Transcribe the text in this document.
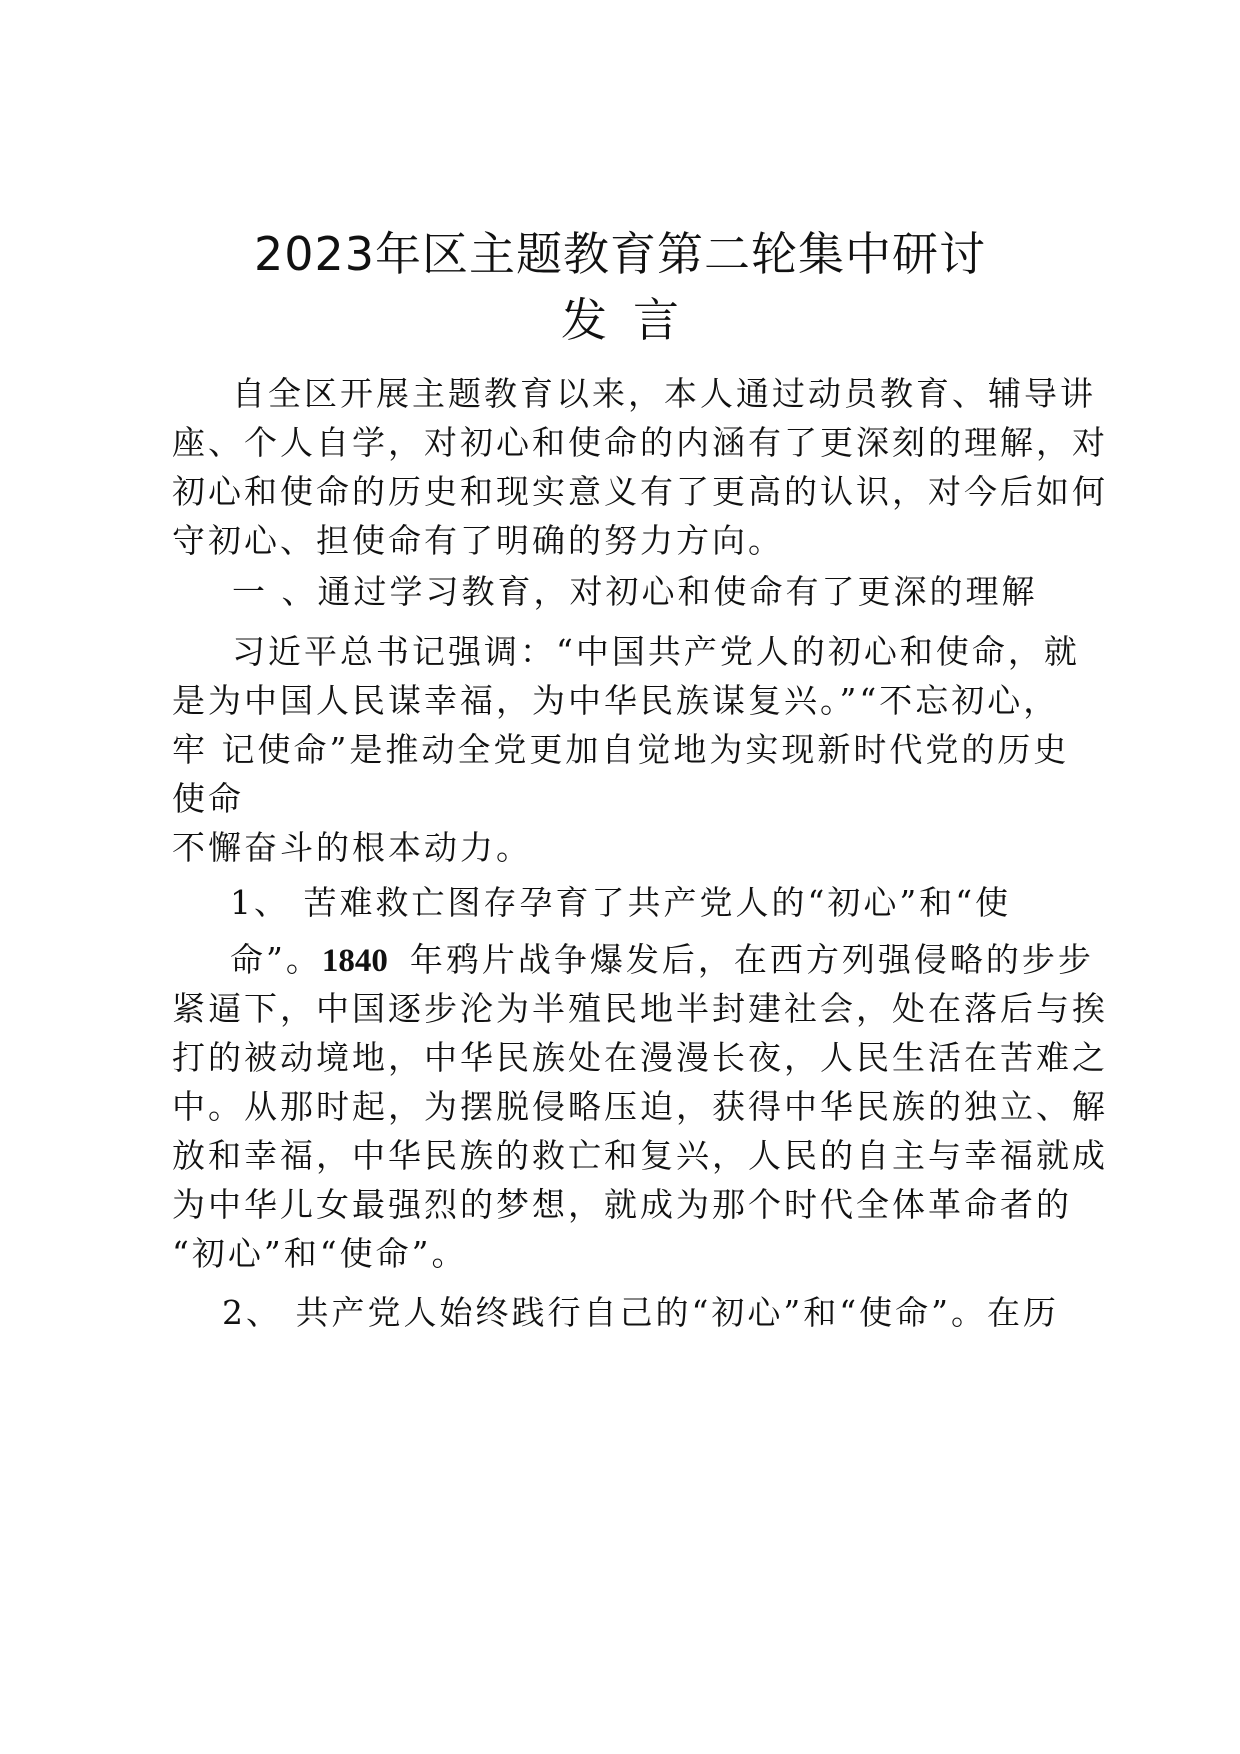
2023年区主题教育第二轮集中研讨
发言
自全区开展主题教育以来，本人通过动员教育、辅导讲
座、个人自学，对初心和使命的内涵有了更深刻的理解，对
初心和使命的历史和现实意义有了更高的认识，对今后如何
守初心、担使命有了明确的努力方向。
一 、通过学习教育，对初心和使命有了更深的理解
习近平总书记强调：“中国共产党人的初心和使命，就
是为中国人民谋幸福，为中华民族谋复兴。”“不忘初心，
牢 记使命”是推动全党更加自觉地为实现新时代党的历史
使命
不懈奋斗的根本动力。
1、 苦难救亡图存孕育了共产党人的“初心”和“使
命”。1840 年鸦片战争爆发后，在西方列强侵略的步步
紧逼下，中国逐步沦为半殖民地半封建社会，处在落后与挨
打的被动境地，中华民族处在漫漫长夜，人民生活在苦难之
中。从那时起，为摆脱侵略压迫，获得中华民族的独立、解
放和幸福，中华民族的救亡和复兴，人民的自主与幸福就成
为中华儿女最强烈的梦想，就成为那个时代全体革命者的
“初心”和“使命”。
2、 共产党人始终践行自己的“初心”和“使命”。在历
